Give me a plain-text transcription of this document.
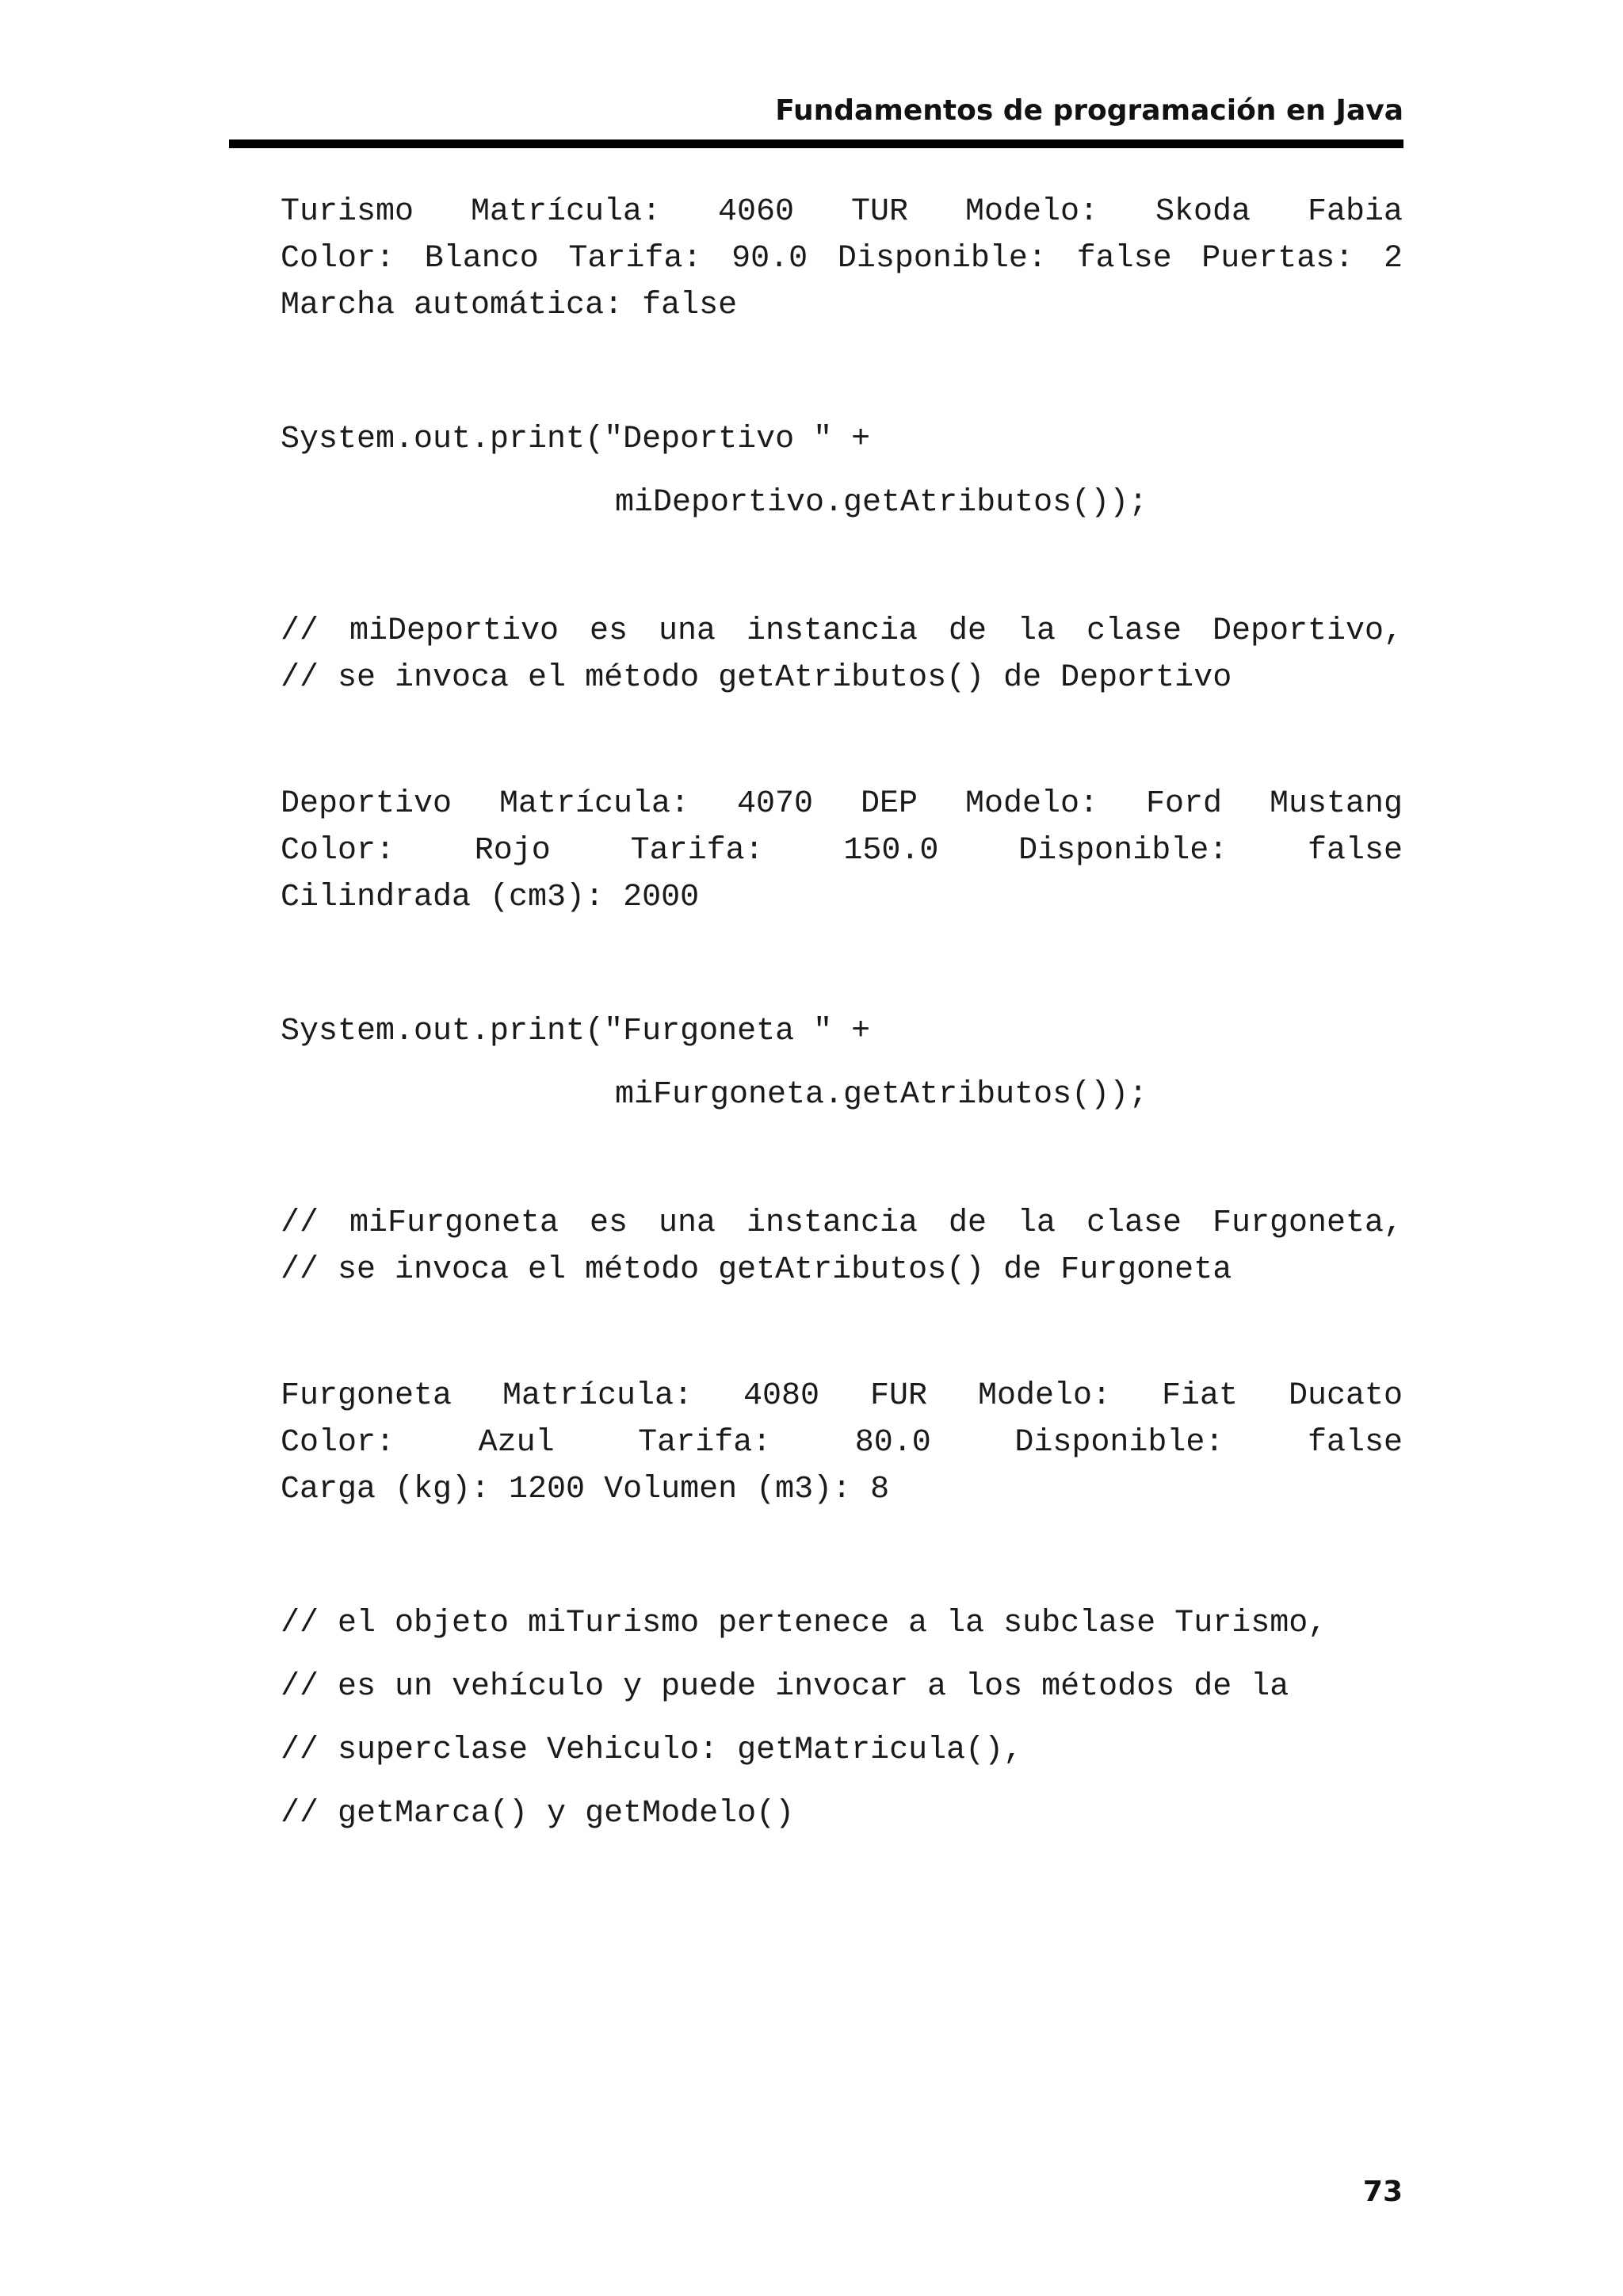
Fundamentos de programación en Java
Turismo Matrícula: 4060 TUR Modelo: Skoda Fabia
Color: Blanco Tarifa: 90.0 Disponible: false Puertas: 2
Marcha automática: false
System.out.print("Deportivo " +
miDeportivo.getAtributos());
// miDeportivo es una instancia de la clase Deportivo,
// se invoca el método getAtributos() de Deportivo
Deportivo Matrícula: 4070 DEP Modelo: Ford Mustang
Color: Rojo Tarifa: 150.0 Disponible: false
Cilindrada (cm3): 2000
System.out.print("Furgoneta " +
miFurgoneta.getAtributos());
// miFurgoneta es una instancia de la clase Furgoneta,
// se invoca el método getAtributos() de Furgoneta
Furgoneta Matrícula: 4080 FUR Modelo: Fiat Ducato
Color: Azul Tarifa: 80.0 Disponible: false
Carga (kg): 1200 Volumen (m3): 8
// el objeto miTurismo pertenece a la subclase Turismo,
// es un vehículo y puede invocar a los métodos de la
// superclase Vehiculo: getMatricula(),
// getMarca() y getModelo()
73
